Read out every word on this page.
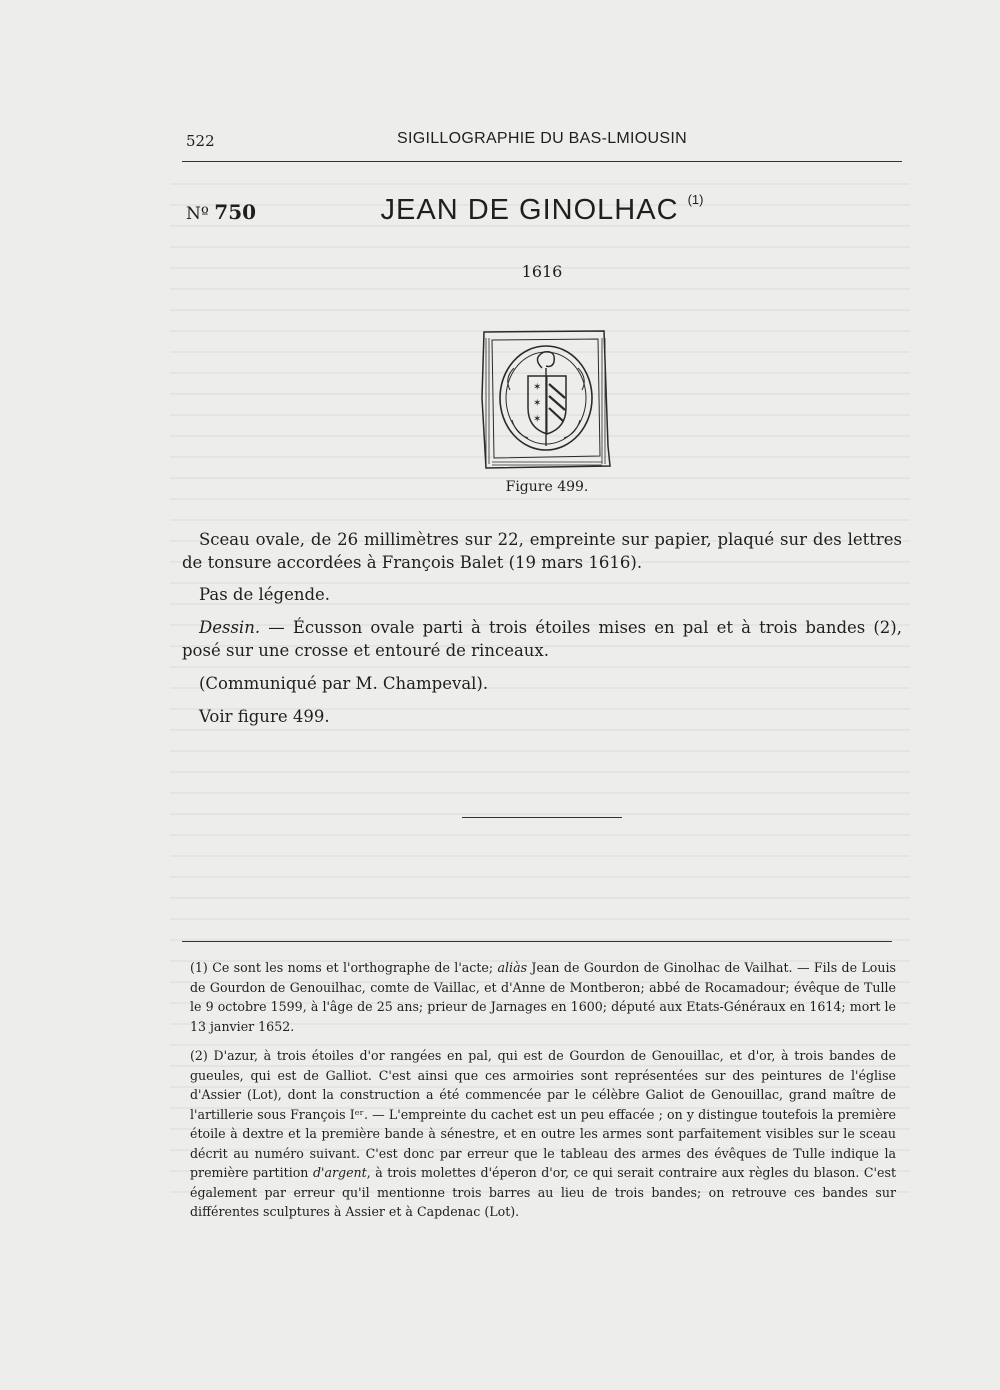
522	SIGILLOGRAPHIE DU BAS-LMIOUSIN
Nº 750	JEAN DE GINOLHAC $^{(1)}$
1616
✶
✶
✶
Figure 499.

Sceau ovale, de 26 millimètres sur 22, empreinte sur papier, plaqué sur des lettres de tonsure accordées à François Balet (19 mars 1616).

Pas de légende.

Dessin. — Écusson ovale parti à trois étoiles mises en pal et à trois bandes (2), posé sur une crosse et entouré de rinceaux.

(Communiqué par M. Champeval).

Voir figure 499.

(1) Ce sont les noms et l'orthographe de l'acte; aliàs Jean de Gourdon de Ginolhac de Vailhat. — Fils de Louis de Gourdon de Genouilhac, comte de Vaillac, et d'Anne de Montberon; abbé de Rocamadour; évêque de Tulle le 9 octobre 1599, à l'âge de 25 ans; prieur de Jarnages en 1600; député aux Etats-Généraux en 1614; mort le 13 janvier 1652.

(2) D'azur, à trois étoiles d'or rangées en pal, qui est de Gourdon de Genouillac, et d'or, à trois bandes de gueules, qui est de Galliot. C'est ainsi que ces armoiries sont représentées sur des peintures de l'église d'Assier (Lot), dont la construction a été commencée par le célèbre Galiot de Genouillac, grand maître de l'artillerie sous François Iᵉʳ. — L'empreinte du cachet est un peu effacée ; on y distingue toutefois la première étoile à dextre et la première bande à sénestre, et en outre les armes sont parfaitement visibles sur le sceau décrit au numéro suivant. C'est donc par erreur que le tableau des armes des évêques de Tulle indique la première partition d'argent, à trois molettes d'éperon d'or, ce qui serait contraire aux règles du blason. C'est également par erreur qu'il mentionne trois barres au lieu de trois bandes; on retrouve ces bandes sur différentes sculptures à Assier et à Capdenac (Lot).
